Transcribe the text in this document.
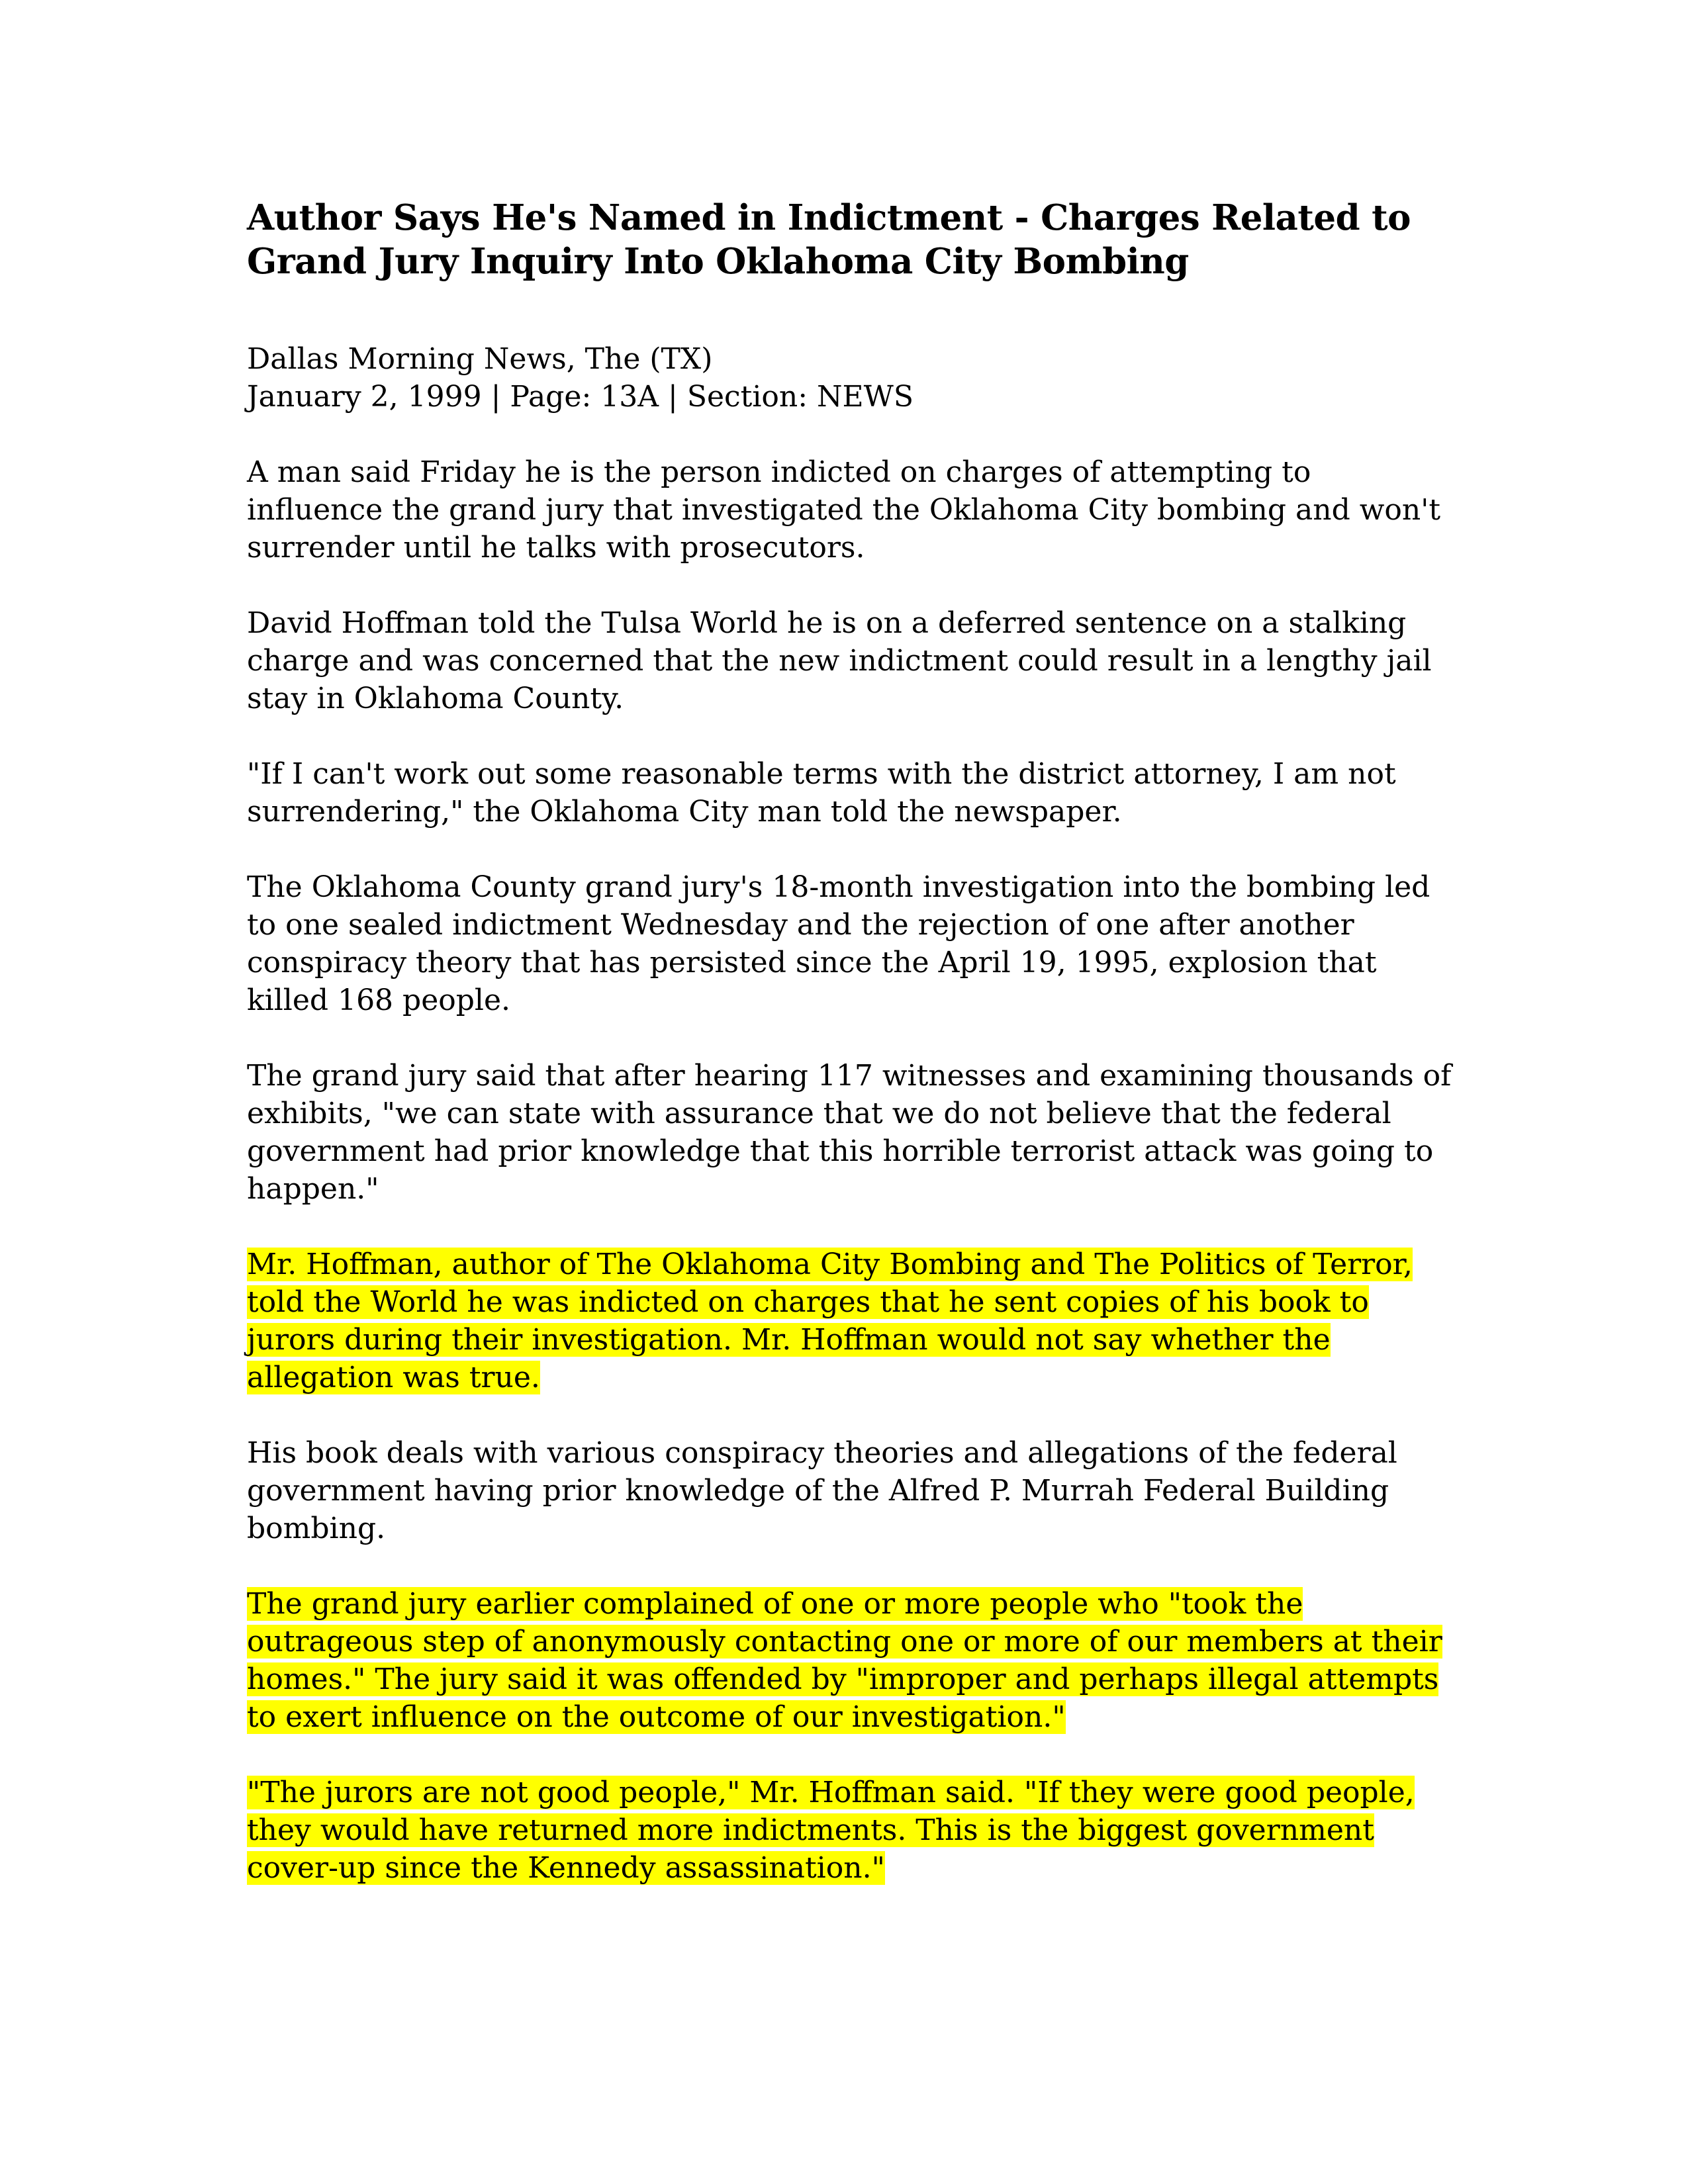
Author Says He's Named in Indictment - Charges Related to Grand Jury Inquiry Into Oklahoma City Bombing
Dallas Morning News, The (TX)
January 2, 1999 | Page: 13A | Section: NEWS

A man said Friday he is the person indicted on charges of attempting to influence the grand jury that investigated the Oklahoma City bombing and won't surrender until he talks with prosecutors.

David Hoffman told the Tulsa World he is on a deferred sentence on a stalking charge and was concerned that the new indictment could result in a lengthy jail stay in Oklahoma County.

"If I can't work out some reasonable terms with the district attorney, I am not surrendering," the Oklahoma City man told the newspaper.

The Oklahoma County grand jury's 18-month investigation into the bombing led to one sealed indictment Wednesday and the rejection of one after another conspiracy theory that has persisted since the April 19, 1995, explosion that killed 168 people.

The grand jury said that after hearing 117 witnesses and examining thousands of exhibits, "we can state with assurance that we do not believe that the federal government had prior knowledge that this horrible terrorist attack was going to happen."

Mr. Hoffman, author of The Oklahoma City Bombing and The Politics of Terror, told the World he was indicted on charges that he sent copies of his book to jurors during their investigation. Mr. Hoffman would not say whether the allegation was true.

His book deals with various conspiracy theories and allegations of the federal government having prior knowledge of the Alfred P. Murrah Federal Building bombing.

The grand jury earlier complained of one or more people who "took the outrageous step of anonymously contacting one or more of our members at their homes." The jury said it was offended by "improper and perhaps illegal attempts to exert influence on the outcome of our investigation."

"The jurors are not good people," Mr. Hoffman said. "If they were good people, they would have returned more indictments. This is the biggest government cover-up since the Kennedy assassination."
